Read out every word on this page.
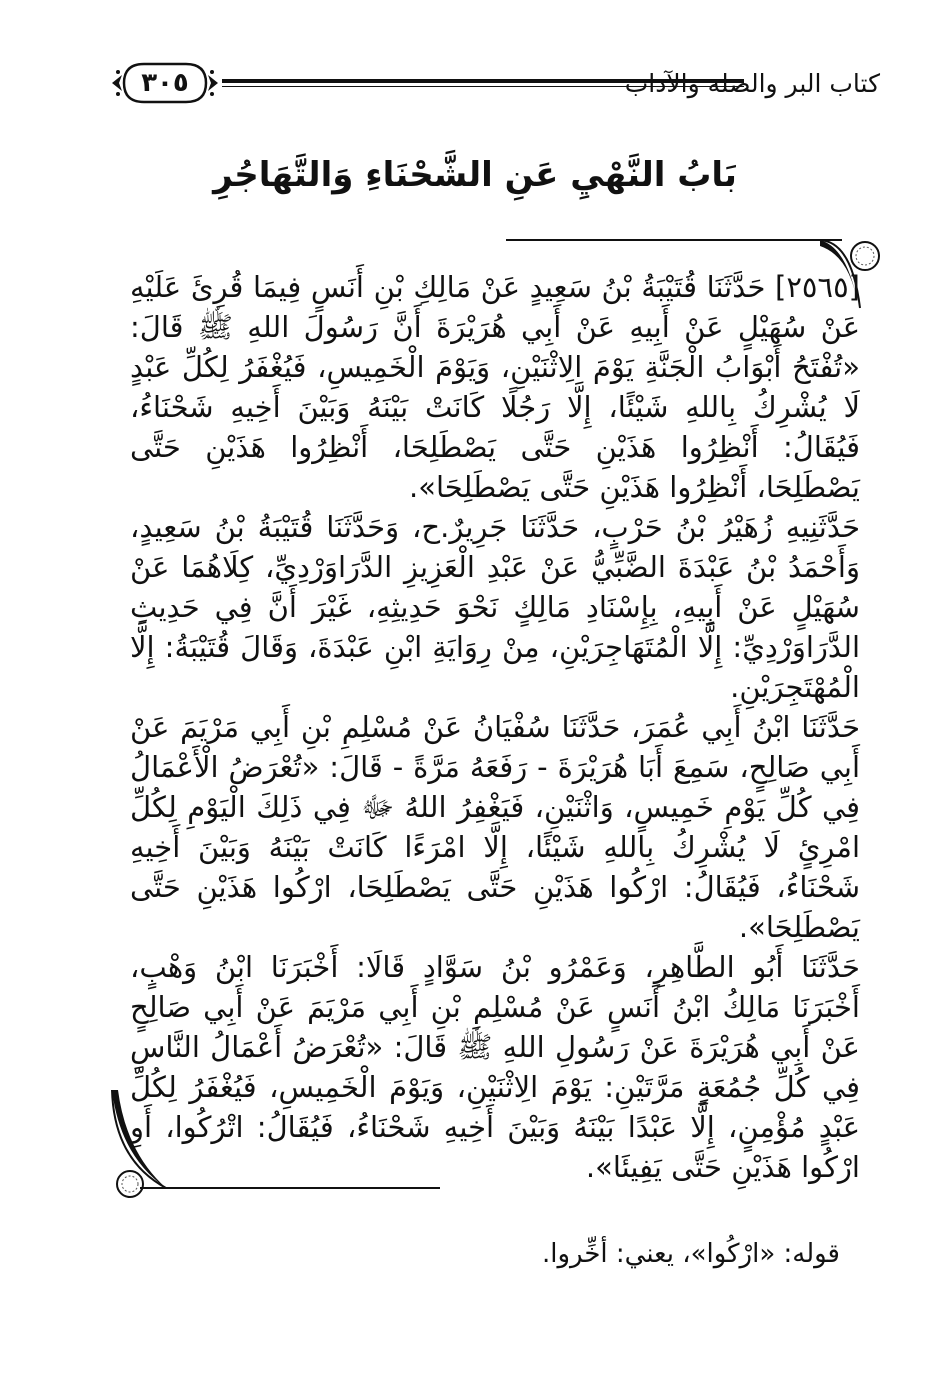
٣٠٥	كتاب البر والصلة والآداب
بَابُ النَّهْيِ عَنِ الشَّحْنَاءِ وَالتَّهَاجُرِ

[٢٥٦٥] حَدَّثَنَا قُتَيْبَةُ بْنُ سَعِيدٍ عَنْ مَالِكِ بْنِ أَنَسٍ فِيمَا قُرِئَ عَلَيْهِ عَنْ سُهَيْلٍ عَنْ أَبِيهِ عَنْ أَبِي هُرَيْرَةَ أَنَّ رَسُولَ اللهِ ﷺ قَالَ: «تُفْتَحُ أَبْوَابُ الْجَنَّةِ يَوْمَ الِاثْنَيْنِ، وَيَوْمَ الْخَمِيسِ، فَيُغْفَرُ لِكُلِّ عَبْدٍ لَا يُشْرِكُ بِاللهِ شَيْئًا، إِلَّا رَجُلًا كَانَتْ بَيْنَهُ وَبَيْنَ أَخِيهِ شَحْنَاءُ، فَيُقَالُ: أَنْظِرُوا هَذَيْنِ حَتَّى يَصْطَلِحَا، أَنْظِرُوا هَذَيْنِ حَتَّى يَصْطَلِحَا، أَنْظِرُوا هَذَيْنِ حَتَّى يَصْطَلِحَا».

حَدَّثَنِيهِ زُهَيْرُ بْنُ حَرْبٍ، حَدَّثَنَا جَرِيرٌ.ح، وَحَدَّثَنَا قُتَيْبَةُ بْنُ سَعِيدٍ، وَأَحْمَدُ بْنُ عَبْدَةَ الضَّبِّيُّ عَنْ عَبْدِ الْعَزِيزِ الدَّرَاوَرْدِيِّ، كِلَاهُمَا عَنْ سُهَيْلٍ عَنْ أَبِيهِ، بِإِسْنَادِ مَالِكٍ نَحْوَ حَدِيثِهِ، غَيْرَ أَنَّ فِي حَدِيثِ الدَّرَاوَرْدِيِّ: إِلَّا الْمُتَهَاجِرَيْنِ، مِنْ رِوَايَةِ ابْنِ عَبْدَةَ، وَقَالَ قُتَيْبَةُ: إِلَّا الْمُهْتَجِرَيْنِ.

حَدَّثَنَا ابْنُ أَبِي عُمَرَ، حَدَّثَنَا سُفْيَانُ عَنْ مُسْلِمِ بْنِ أَبِي مَرْيَمَ عَنْ أَبِي صَالِحٍ، سَمِعَ أَبَا هُرَيْرَةَ - رَفَعَهُ مَرَّةً - قَالَ: «تُعْرَضُ الْأَعْمَالُ فِي كُلِّ يَوْمِ خَمِيسٍ، وَاثْنَيْنِ، فَيَغْفِرُ اللهُ ﷻ فِي ذَلِكَ الْيَوْمِ لِكُلِّ امْرِئٍ لَا يُشْرِكُ بِاللهِ شَيْئًا، إِلَّا امْرَءًا كَانَتْ بَيْنَهُ وَبَيْنَ أَخِيهِ شَحْنَاءُ، فَيُقَالُ: ارْكُوا هَذَيْنِ حَتَّى يَصْطَلِحَا، ارْكُوا هَذَيْنِ حَتَّى يَصْطَلِحَا».

حَدَّثَنَا أَبُو الطَّاهِرِ، وَعَمْرُو بْنُ سَوَّادٍ قَالَا: أَخْبَرَنَا ابْنُ وَهْبٍ، أَخْبَرَنَا مَالِكُ ابْنُ أَنَسٍ عَنْ مُسْلِمِ بْنِ أَبِي مَرْيَمَ عَنْ أَبِي صَالِحٍ عَنْ أَبِي هُرَيْرَةَ عَنْ رَسُولِ اللهِ ﷺ قَالَ: «تُعْرَضُ أَعْمَالُ النَّاسِ فِي كُلِّ جُمُعَةٍ مَرَّتَيْنِ: يَوْمَ الِاثْنَيْنِ، وَيَوْمَ الْخَمِيسِ، فَيُغْفَرُ لِكُلِّ عَبْدٍ مُؤْمِنٍ، إِلَّا عَبْدًا بَيْنَهُ وَبَيْنَ أَخِيهِ شَحْنَاءُ، فَيُقَالُ: اتْرُكُوا، أَوِ ارْكُوا هَذَيْنِ حَتَّى يَفِيئَا».

قوله: «ارْكُوا»، يعني: أخِّروا.
